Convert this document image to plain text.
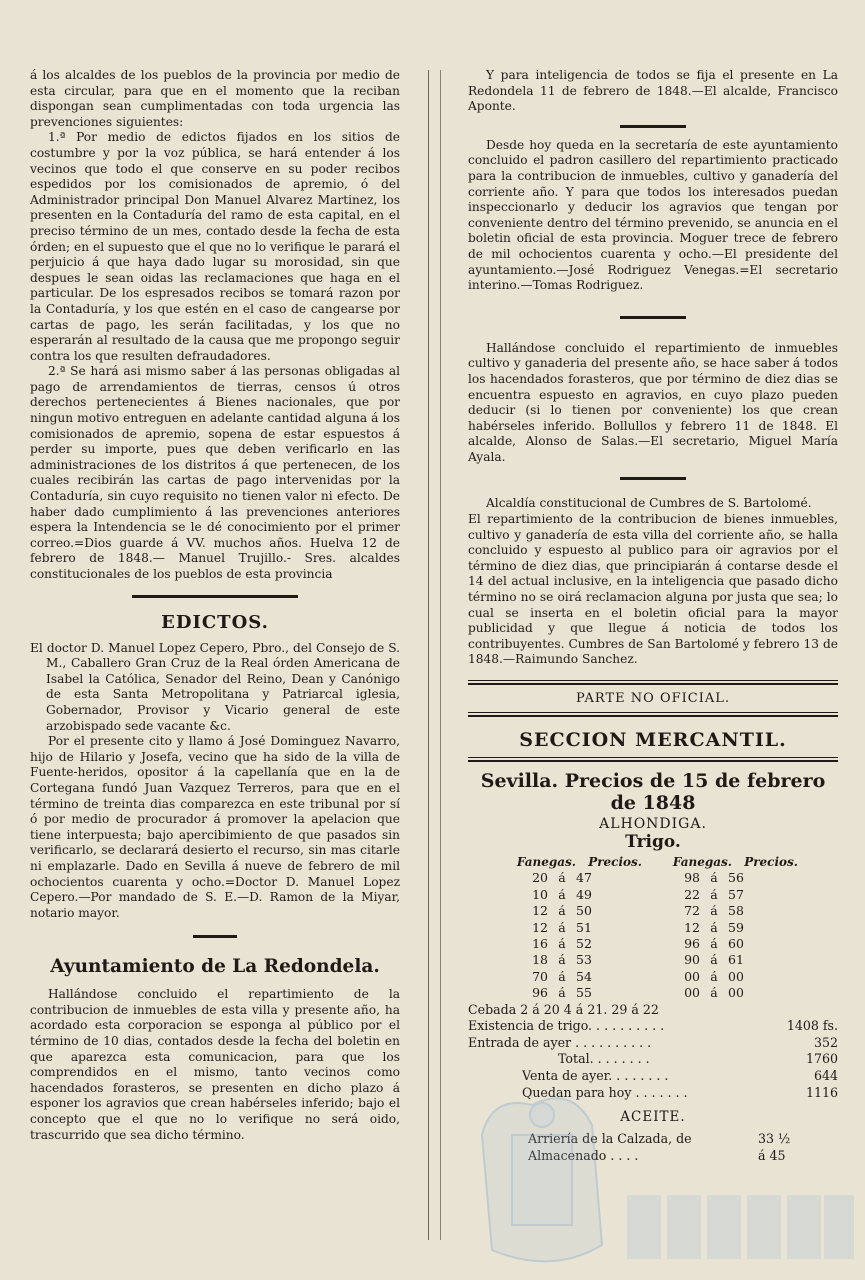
á los alcaldes de los pueblos de la provincia por medio de esta circular, para que en el momento que la reciban dispongan sean cumplimentadas con toda urgencia las prevenciones siguientes:

1.ª Por medio de edictos fijados en los sitios de costumbre y por la voz pública, se hará entender á los vecinos que todo el que conserve en su poder recibos espedidos por los comisionados de apremio, ó del Administrador principal Don Manuel Alvarez Martinez, los presenten en la Contaduría del ramo de esta capital, en el preciso término de un mes, contado desde la fecha de esta órden; en el supuesto que el que no lo verifique le parará el perjuicio á que haya dado lugar su morosidad, sin que despues le sean oidas las reclamaciones que haga en el particular. De los espresados recibos se tomará razon por la Contaduría, y los que estén en el caso de cangearse por cartas de pago, les serán facilitadas, y los que no esperarán al resultado de la causa que me propongo seguir contra los que resulten defraudadores.

2.ª Se hará asi mismo saber á las personas obligadas al pago de arrendamientos de tierras, censos ú otros derechos pertenecientes á Bienes nacionales, que por ningun motivo entreguen en adelante cantidad alguna á los comisionados de apremio, sopena de estar espuestos á perder su importe, pues que deben verificarlo en las administraciones de los distritos á que pertenecen, de los cuales recibirán las cartas de pago intervenidas por la Contaduría, sin cuyo requisito no tienen valor ni efecto. De haber dado cumplimiento á las prevenciones anteriores espera la Intendencia se le dé conocimiento por el primer correo.=Dios guarde á VV. muchos años. Huelva 12 de febrero de 1848.— Manuel Trujillo.- Sres. alcaldes constitucionales de los pueblos de esta provincia

EDICTOS.

El doctor D. Manuel Lopez Cepero, Pbro., del Consejo de S. M., Caballero Gran Cruz de la Real órden Americana de Isabel la Católica, Senador del Reino, Dean y Canónigo de esta Santa Metropolitana y Patriarcal iglesia, Gobernador, Provisor y Vicario general de este arzobispado sede vacante &c.

Por el presente cito y llamo á José Dominguez Navarro, hijo de Hilario y Josefa, vecino que ha sido de la villa de Fuente-heridos, opositor á la capellanía que en la de Cortegana fundó Juan Vazquez Terreros, para que en el término de treinta dias comparezca en este tribunal por sí ó por medio de procurador á promover la apelacion que tiene interpuesta; bajo apercibimiento de que pasados sin verificarlo, se declarará desierto el recurso, sin mas citarle ni emplazarle. Dado en Sevilla á nueve de febrero de mil ochocientos cuarenta y ocho.=Doctor D. Manuel Lopez Cepero.—Por mandado de S. E.—D. Ramon de la Miyar, notario mayor.

Ayuntamiento de La Redondela.

Hallándose concluido el repartimiento de la contribucion de inmuebles de esta villa y presente año, ha acordado esta corporacion se esponga al público por el término de 10 dias, contados desde la fecha del boletin en que aparezca esta comunicacion, para que los comprendidos en el mismo, tanto vecinos como hacendados forasteros, se presenten en dicho plazo á esponer los agravios que crean habérseles inferido; bajo el concepto que el que no lo verifique no será oido, trascurrido que sea dicho término.

Y para inteligencia de todos se fija el presente en La Redondela 11 de febrero de 1848.—El alcalde, Francisco Aponte.

Desde hoy queda en la secretaría de este ayuntamiento concluido el padron casillero del repartimiento practicado para la contribucion de inmuebles, cultivo y ganadería del corriente año. Y para que todos los interesados puedan inspeccionarlo y deducir los agravios que tengan por conveniente dentro del término prevenido, se anuncia en el boletin oficial de esta provincia. Moguer trece de febrero de mil ochocientos cuarenta y ocho.—El presidente del ayuntamiento.—José Rodriguez Venegas.=El secretario interino.—Tomas Rodriguez.

Hallándose concluido el repartimiento de inmuebles cultivo y ganaderia del presente año, se hace saber á todos los hacendados forasteros, que por término de diez dias se encuentra espuesto en agravios, en cuyo plazo pueden deducir (si lo tienen por conveniente) los que crean habérseles inferido. Bollullos y febrero 11 de 1848. El alcalde, Alonso de Salas.—El secretario, Miguel María Ayala.

Alcaldía constitucional de Cumbres de S. Bartolomé.

El repartimiento de la contribucion de bienes inmuebles, cultivo y ganadería de esta villa del corriente año, se halla concluido y espuesto al publico para oir agravios por el término de diez dias, que principiarán á contarse desde el 14 del actual inclusive, en la inteligencia que pasado dicho término no se oirá reclamacion alguna por justa que sea; lo cual se inserta en el boletin oficial para la mayor publicidad y que llegue á noticia de todos los contribuyentes. Cumbres de San Bartolomé y febrero 13 de 1848.—Raimundo Sanchez.

PARTE NO OFICIAL.
SECCION MERCANTIL.
Sevilla. Precios de 15 de febrero de 1848
ALHONDIGA.
Trigo.
Fanegas.	Precios.	Fanegas.	Precios.
20 á 47	98 á 56
10 á 49	22 á 57
12 á 50	72 á 58
12 á 51	12 á 59
16 á 52	96 á 60
18 á 53	90 á 61
70 á 54	00 á 00
96 á 55	00 á 00
Cebada 2 á 20 4 á 21. 29 á 22
Existencia de trigo. . . . . . . . . .	1408 fs.
Entrada de ayer . . . . . . . . . .	352
Total. . . . . . . .	1760
Venta de ayer. . . . . . . .	644
Quedan para hoy . . . . . . .	1116
ACEITE.
Arriería de la Calzada, de	33 ½
Almacenado . . . .	á 45
